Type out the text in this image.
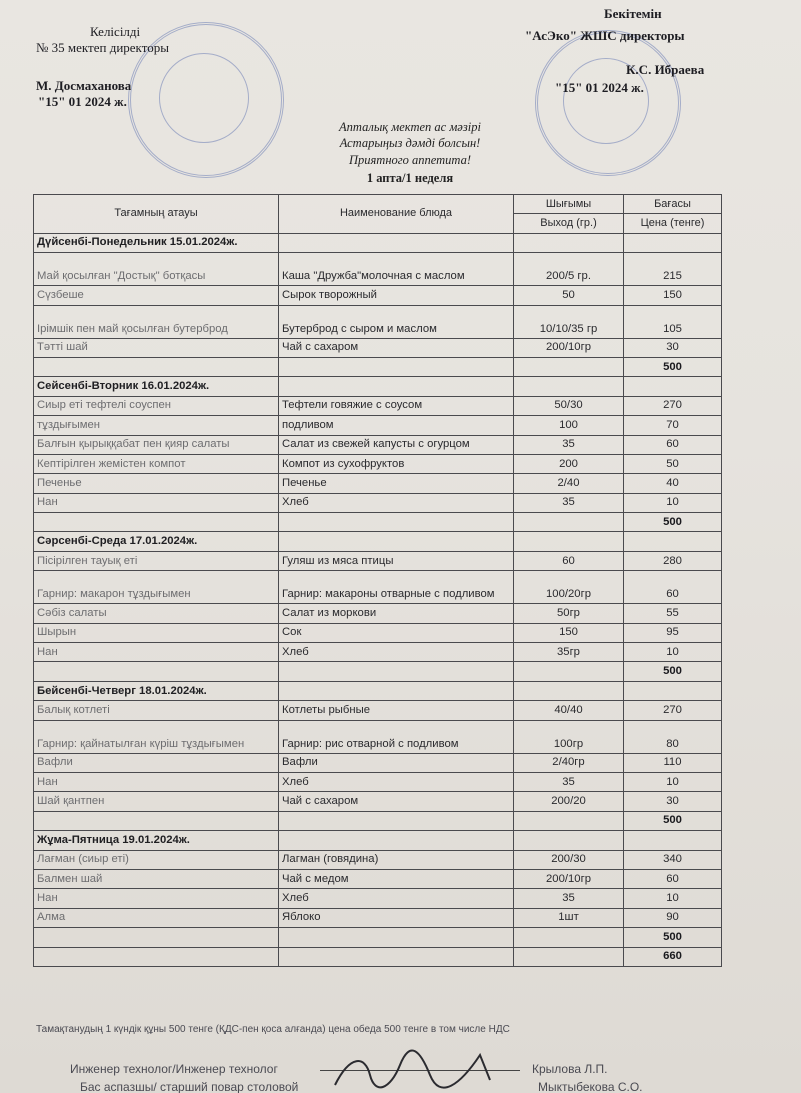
Келісілді
№ 35 мектеп директоры
М. Досмаханова
"15" 01 2024 ж.
Бекітемін
"АсЭко" ЖШС директоры
К.С. Ибраева
"15" 01 2024 ж.
Апталық мектеп ас мәзірі
Астарыңыз дәмді болсын!
Приятного аппетита!
1 апта/1 неделя
Тағамның атауы	Наименование блюда	Шығымы	Бағасы
		Выход (гр.)	Цена (тенге)
Дүйсенбі-Понедельник 15.01.2024ж.			
Май қосылған "Достық" ботқасы	Каша "Дружба"молочная с маслом	200/5 гр.	215
Сүзбеше	Сырок творожный	50	150
Ірімшік пен май қосылған бутерброд	Бутерброд с сыром и маслом	10/10/35 гр	105
Тәтті шай	Чай с сахаром	200/10гр	30
			500
Сейсенбі-Вторник 16.01.2024ж.			
Сиыр еті тефтелі соуспен	Тефтели говяжие с соусом	50/30	270
тұздығымен	подливом	100	70
Балғын қырыққабат пен қияр салаты	Салат из свежей капусты с огурцом	35	60
Кептірілген жемістен компот	Компот из сухофруктов	200	50
Печенье	Печенье	2/40	40
Нан	Хлеб	35	10
			500
Сәрсенбі-Среда 17.01.2024ж.			
Пісірілген тауық еті	Гуляш из мяса птицы	60	280
Гарнир: макарон тұздығымен	Гарнир: макароны отварные с подливом	100/20гр	60
Сәбіз салаты	Салат из моркови	50гр	55
Шырын	Сок	150	95
Нан	Хлеб	35гр	10
			500
Бейсенбі-Четверг 18.01.2024ж.			
Балық котлеті	Котлеты рыбные	40/40	270
Гарнир: қайнатылған күріш тұздығымен	Гарнир: рис отварной с подливом	100гр	80
Вафли	Вафли	2/40гр	110
Нан	Хлеб	35	10
Шай қантпен	Чай с сахаром	200/20	30
			500
Жұма-Пятница 19.01.2024ж.			
Лағман (сиыр еті)	Лагман (говядина)	200/30	340
Балмен шай	Чай с медом	200/10гр	60
Нан	Хлеб	35	10
Алма	Яблоко	1шт	90
			500
			660
Тамақтанудың 1 күндік құны 500 тенге (ҚДС-пен қоса алғанда) цена обеда 500 тенге в том числе НДС
Инженер технолог/Инженер технолог	Крылова Л.П.
Бас аспазшы/ старший повар столовой	Мыктыбекова С.О.
